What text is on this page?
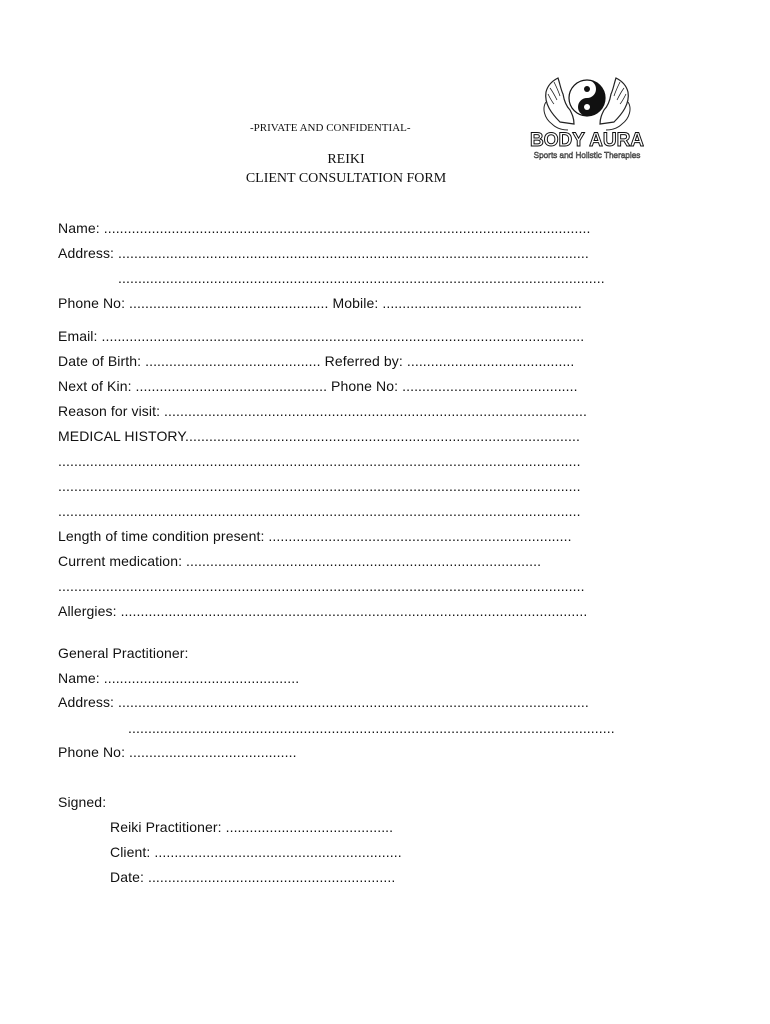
BODY AURA
Sports and Holistic Therapies
-PRIVATE AND CONFIDENTIAL-
REIKI
CLIENT CONSULTATION FORM
Name: ..........................................................................................................................
Address: ......................................................................................................................
..........................................................................................................................
Phone No: .................................................. Mobile: ..................................................
Email: .........................................................................................................................
Date of Birth: ............................................ Referred by: ..........................................
Next of Kin: ................................................ Phone No: ............................................
Reason for visit: ..........................................................................................................
MEDICAL HISTORY...................................................................................................
...................................................................................................................................
...................................................................................................................................
...................................................................................................................................
Length of time condition present: ............................................................................
Current medication: .........................................................................................
....................................................................................................................................
Allergies: .....................................................................................................................
General Practitioner:
Name: .................................................
Address: ......................................................................................................................
..........................................................................................................................
Phone No: ..........................................
Signed:
Reiki Practitioner: ..........................................
Client: ..............................................................
Date: ..............................................................
